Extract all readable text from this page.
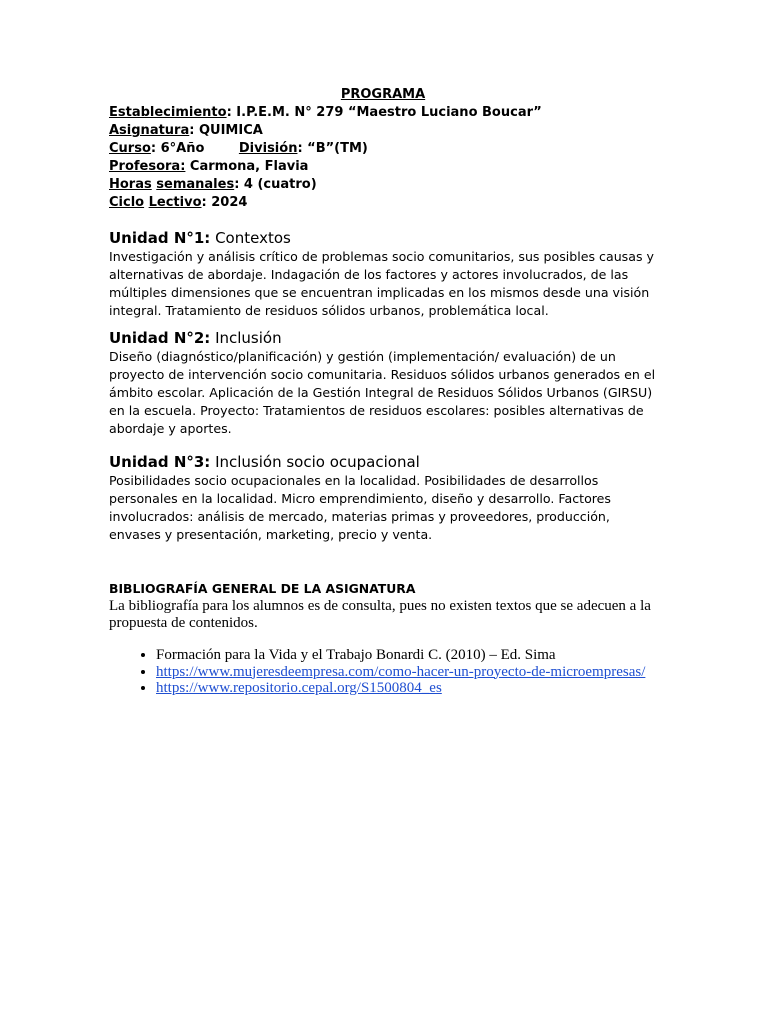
PROGRAMA
Establecimiento: I.P.E.M. N° 279 “Maestro Luciano Boucar”
Asignatura: QUIMICA
Curso: 6°Año	División: “B”(TM)
Profesora: Carmona, Flavia
Horas semanales: 4 (cuatro)
Ciclo Lectivo: 2024
Unidad N°1: Contextos

Investigación y análisis crítico de problemas socio comunitarios, sus posibles causas y alternativas de abordaje. Indagación de los factores y actores involucrados, de las múltiples dimensiones que se encuentran implicadas en los mismos desde una visión integral. Tratamiento de residuos sólidos urbanos, problemática local.

Unidad N°2: Inclusión

Diseño (diagnóstico/planificación) y gestión (implementación/ evaluación) de un proyecto de intervención socio comunitaria. Residuos sólidos urbanos generados en el ámbito escolar. Aplicación de la Gestión Integral de Residuos Sólidos Urbanos (GIRSU) en la escuela. Proyecto: Tratamientos de residuos escolares: posibles alternativas de abordaje y aportes.

Unidad N°3: Inclusión socio ocupacional

Posibilidades socio ocupacionales en la localidad. Posibilidades de desarrollos personales en la localidad. Micro emprendimiento, diseño y desarrollo. Factores involucrados: análisis de mercado, materias primas y proveedores, producción, envases y presentación, marketing, precio y venta.

BIBLIOGRAFÍA GENERAL DE LA ASIGNATURA

La bibliografía para los alumnos es de consulta, pues no existen textos que se adecuen a la propuesta de contenidos.

• Formación para la Vida y el Trabajo Bonardi C. (2010) – Ed. Sima
• https://www.mujeresdeempresa.com/como-hacer-un-proyecto-de-microempresas/
• https://www.repositorio.cepal.org/S1500804_es
